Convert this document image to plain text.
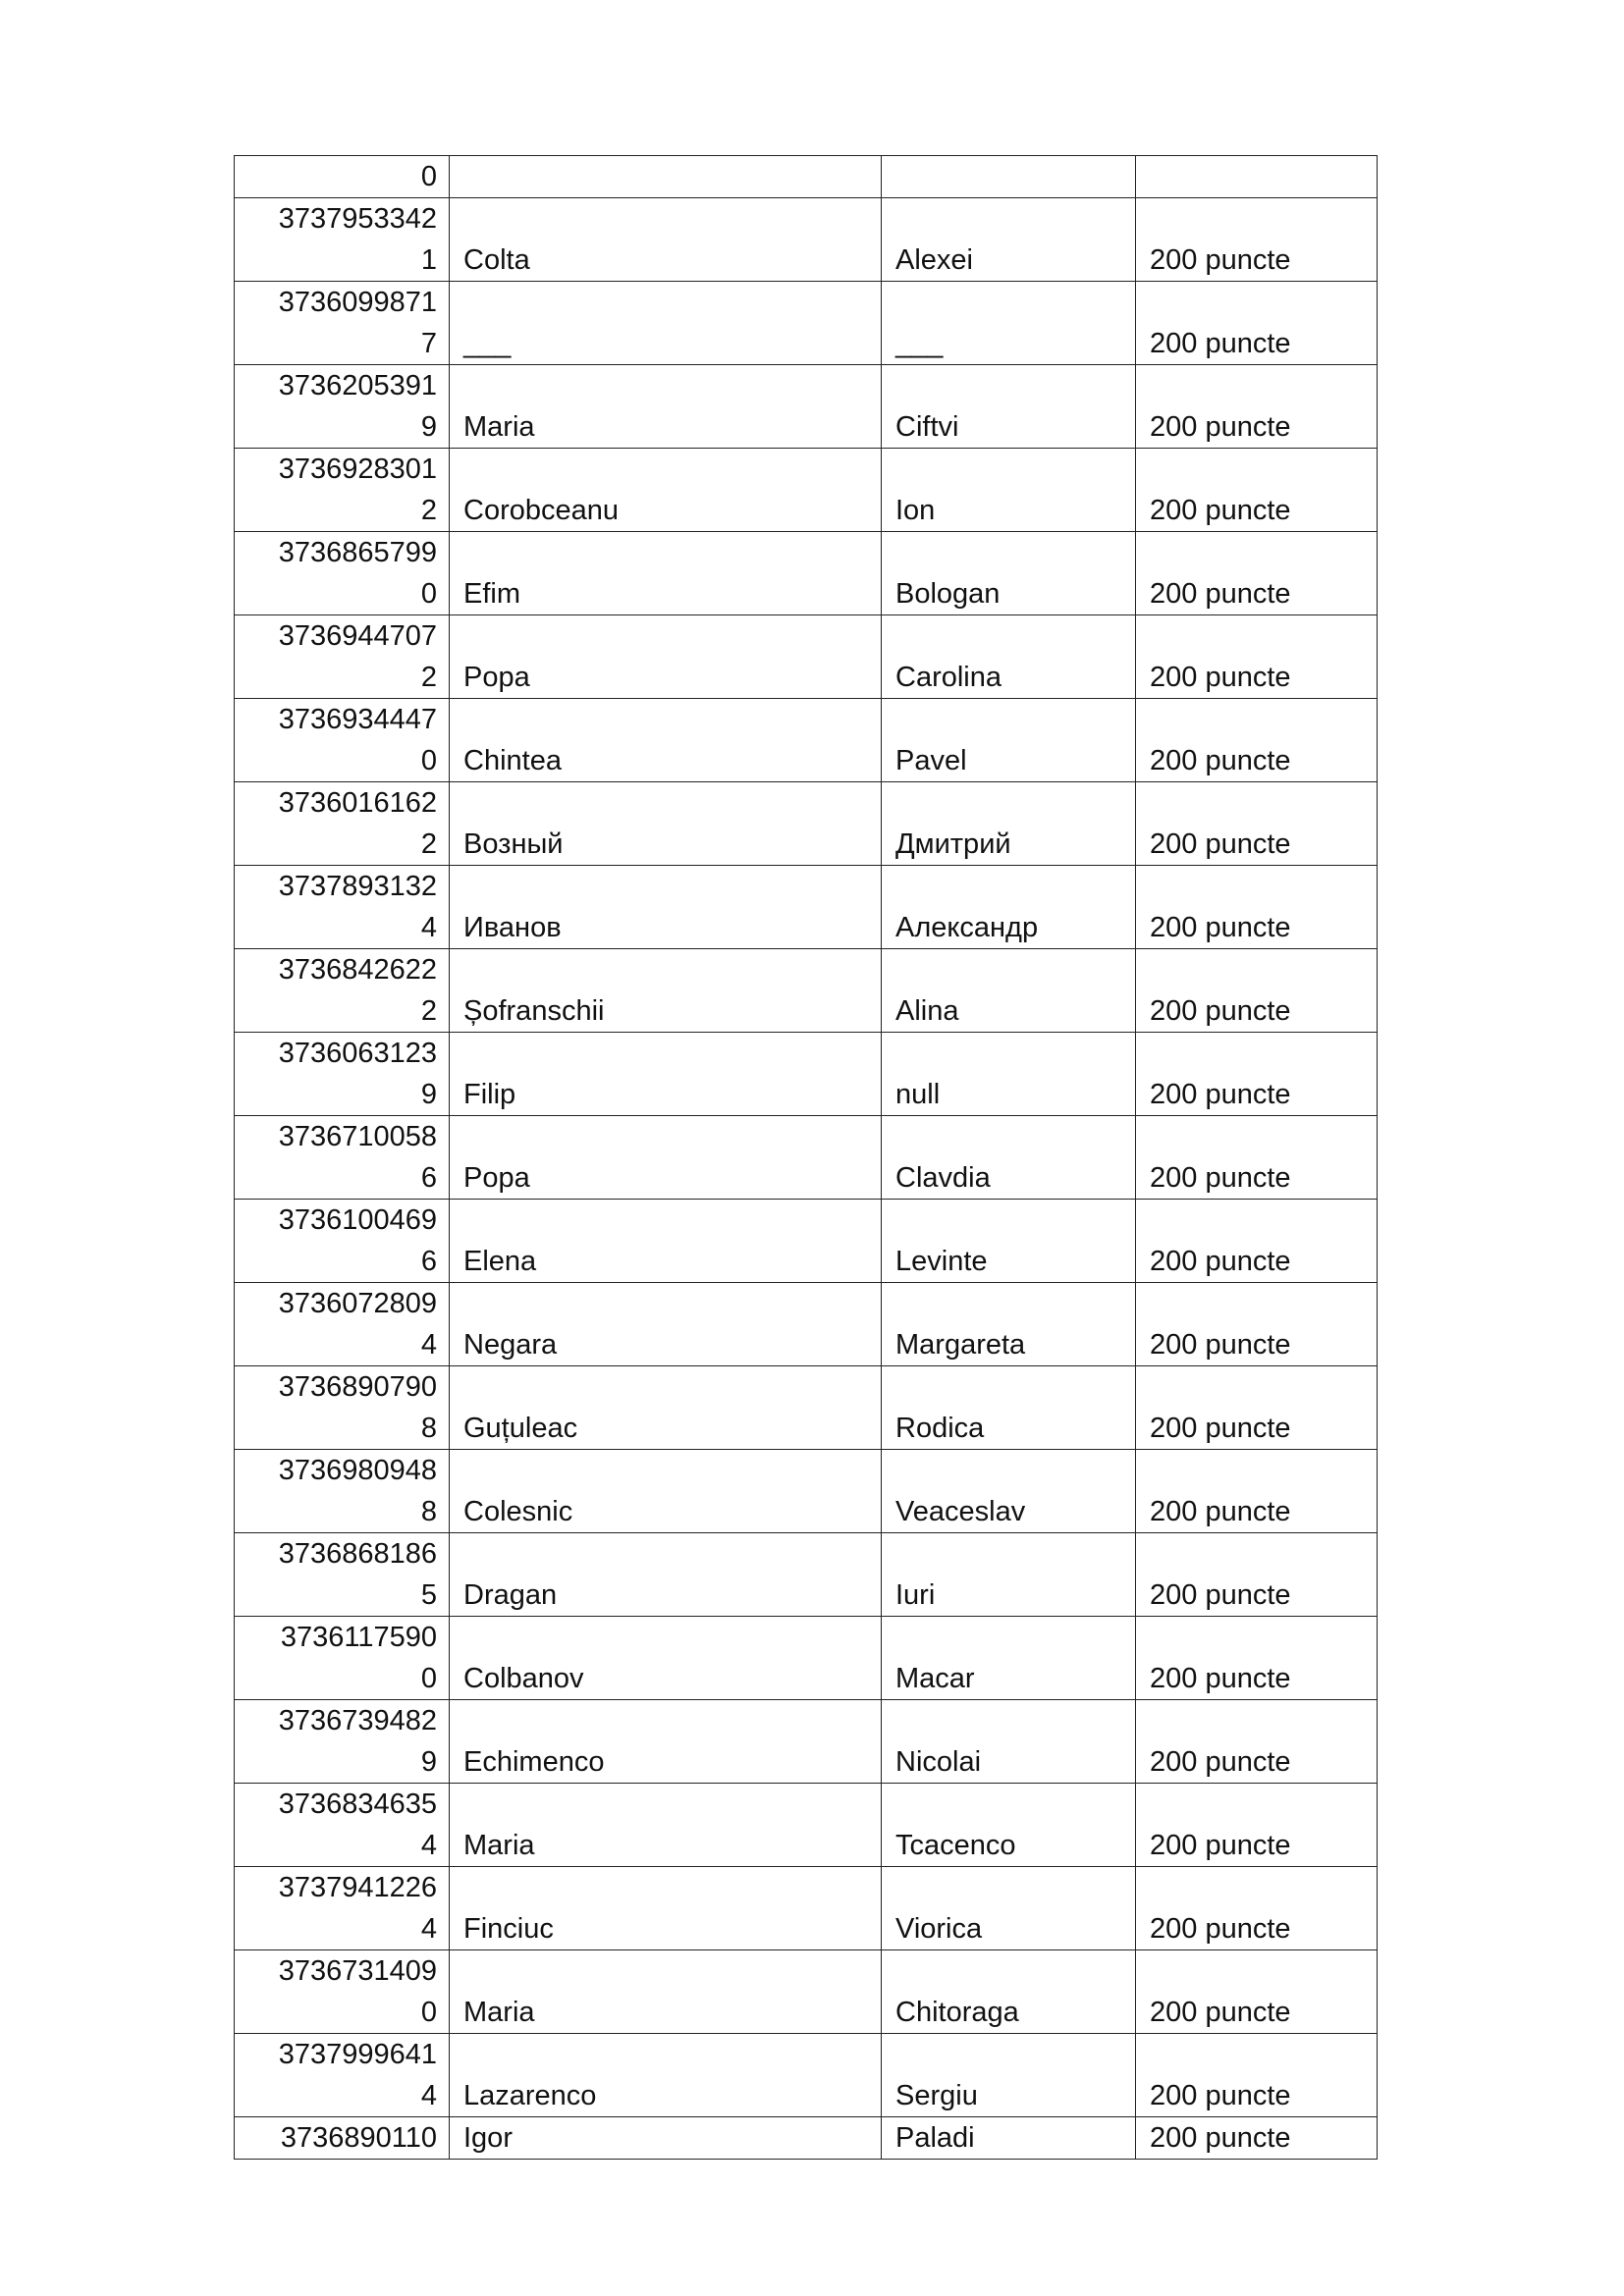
0			

3737953342
1	Colta	Alexei	200 puncte

3736099871
7	___	___	200 puncte

3736205391
9	Maria	Ciftvi	200 puncte

3736928301
2	Corobceanu	Ion	200 puncte

3736865799
0	Efim	Bologan	200 puncte

3736944707
2	Popa	Carolina	200 puncte

3736934447
0	Chintea	Pavel	200 puncte

3736016162
2	Возный	Дмитрий	200 puncte

3737893132
4	Иванов	Александр	200 puncte

3736842622
2	Șofranschii	Alina	200 puncte

3736063123
9	Filip	null	200 puncte

3736710058
6	Popa	Clavdia	200 puncte

3736100469
6	Elena	Levinte	200 puncte

3736072809
4	Negara	Margareta	200 puncte

3736890790
8	Guțuleac	Rodica	200 puncte

3736980948
8	Colesnic	Veaceslav	200 puncte

3736868186
5	Dragan	Iuri	200 puncte

3736117590
0	Colbanov	Macar	200 puncte

3736739482
9	Echimenco	Nicolai	200 puncte

3736834635
4	Maria	Tcacenco	200 puncte

3737941226
4	Finciuc	Viorica	200 puncte

3736731409
0	Maria	Chitoraga	200 puncte

3737999641
4	Lazarenco	Sergiu	200 puncte

3736890110	Igor	Paladi	200 puncte
